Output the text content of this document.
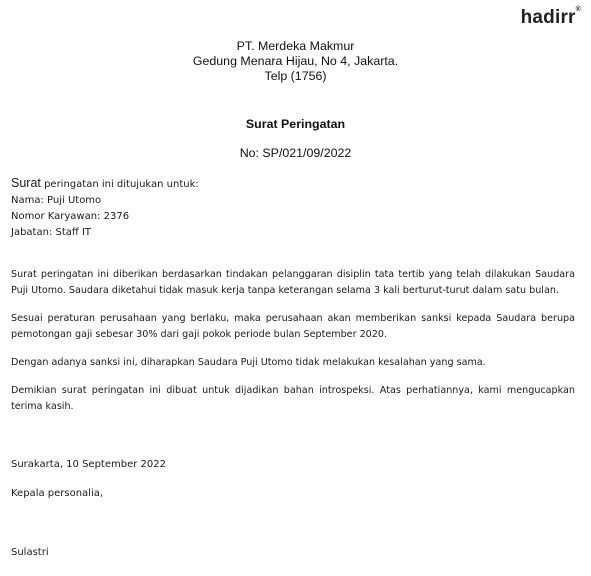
hadirr®
PT. Merdeka Makmur
Gedung Menara Hijau, No 4, Jakarta.
Telp (1756)
Surat Peringatan
No: SP/021/09/2022
Surat peringatan ini ditujukan untuk:
Nama: Puji Utomo
Nomor Karyawan: 2376
Jabatan: Staff IT

Surat peringatan ini diberikan berdasarkan tindakan pelanggaran disiplin tata tertib yang telah dilakukan Saudara Puji Utomo. Saudara diketahui tidak masuk kerja tanpa keterangan selama 3 kali berturut-turut dalam satu bulan.

Sesuai peraturan perusahaan yang berlaku, maka perusahaan akan memberikan sanksi kepada Saudara berupa pemotongan gaji sebesar 30% dari gaji pokok periode bulan September 2020.

Dengan adanya sanksi ini, diharapkan Saudara Puji Utomo tidak melakukan kesalahan yang sama.

Demikian surat peringatan ini dibuat untuk dijadikan bahan introspeksi. Atas perhatiannya, kami mengucapkan terima kasih.

Surakarta, 10 September 2022
Kepala personalia,
Sulastri
